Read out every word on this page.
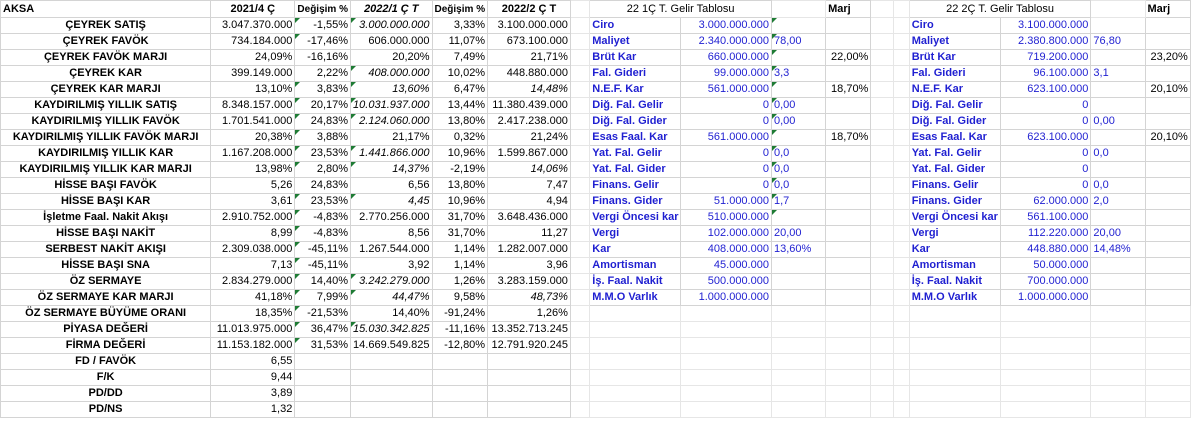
AKSA	2021/4 Ç	Değişim %	2022/1 Ç T	Değişim %	2022/2 Ç T		22 1Ç T. Gelir Tablosu			Marj			22 2Ç T. Gelir Tablosu			Marj
ÇEYREK SATIŞ	3.047.370.000	-1,55%	3.000.000.000	3,33%	3.100.000.000		Ciro	3.000.000.000					Ciro	3.100.000.000		
ÇEYREK FAVÖK	734.184.000	-17,46%	606.000.000	11,07%	673.100.000		Maliyet	2.340.000.000	78,00				Maliyet	2.380.800.000	76,80	
ÇEYREK FAVÖK MARJI	24,09%	-16,16%	20,20%	7,49%	21,71%		Brüt Kar	660.000.000		22,00%			Brüt Kar	719.200.000		23,20%
ÇEYREK KAR	399.149.000	2,22%	408.000.000	10,02%	448.880.000		Fal. Gideri	99.000.000	3,3				Fal. Gideri	96.100.000	3,1	
ÇEYREK KAR MARJI	13,10%	3,83%	13,60%	6,47%	14,48%		N.E.F. Kar	561.000.000		18,70%			N.E.F. Kar	623.100.000		20,10%
KAYDIRILMIŞ YILLIK SATIŞ	8.348.157.000	20,17%	10.031.937.000	13,44%	11.380.439.000		Diğ. Fal. Gelir	0	0,00				Diğ. Fal. Gelir	0		
KAYDIRILMIŞ YILLIK FAVÖK	1.701.541.000	24,83%	2.124.060.000	13,80%	2.417.238.000		Diğ. Fal. Gider	0	0,00				Diğ. Fal. Gider	0	0,00	
KAYDIRILMIŞ YILLIK FAVÖK MARJI	20,38%	3,88%	21,17%	0,32%	21,24%		Esas Faal. Kar	561.000.000		18,70%			Esas Faal. Kar	623.100.000		20,10%
KAYDIRILMIŞ YILLIK KAR	1.167.208.000	23,53%	1.441.866.000	10,96%	1.599.867.000		Yat. Fal. Gelir	0	0,0				Yat. Fal. Gelir	0	0,0	
KAYDIRILMIŞ YILLIK KAR MARJI	13,98%	2,80%	14,37%	-2,19%	14,06%		Yat. Fal. Gider	0	0,0				Yat. Fal. Gider	0		
HİSSE BAŞI FAVÖK	5,26	24,83%	6,56	13,80%	7,47		Finans. Gelir	0	0,0				Finans. Gelir	0	0,0	
HİSSE BAŞI KAR	3,61	23,53%	4,45	10,96%	4,94		Finans. Gider	51.000.000	1,7				Finans. Gider	62.000.000	2,0	
İşletme Faal. Nakit Akışı	2.910.752.000	-4,83%	2.770.256.000	31,70%	3.648.436.000		Vergi Öncesi kar	510.000.000					Vergi Öncesi kar	561.100.000		
HİSSE BAŞI NAKİT	8,99	-4,83%	8,56	31,70%	11,27		Vergi	102.000.000	20,00				Vergi	112.220.000	20,00	
SERBEST NAKİT AKIŞI	2.309.038.000	-45,11%	1.267.544.000	1,14%	1.282.007.000		Kar	408.000.000	13,60%				Kar	448.880.000	14,48%	
HİSSE BAŞI SNA	7,13	-45,11%	3,92	1,14%	3,96		Amortisman	45.000.000					Amortisman	50.000.000		
ÖZ SERMAYE	2.834.279.000	14,40%	3.242.279.000	1,26%	3.283.159.000		İş. Faal. Nakit	500.000.000					İş. Faal. Nakit	700.000.000		
ÖZ SERMAYE KAR MARJI	41,18%	7,99%	44,47%	9,58%	48,73%		M.M.O Varlık	1.000.000.000					M.M.O Varlık	1.000.000.000		
ÖZ SERMAYE BÜYÜME ORANI	18,35%	-21,53%	14,40%	-91,24%	1,26%											
PİYASA DEĞERİ	11.013.975.000	36,47%	15.030.342.825	-11,16%	13.352.713.245											
FİRMA DEĞERİ	11.153.182.000	31,53%	14.669.549.825	-12,80%	12.791.920.245											
FD / FAVÖK	6,55															
F/K	9,44															
PD/DD	3,89															
PD/NS	1,32															
